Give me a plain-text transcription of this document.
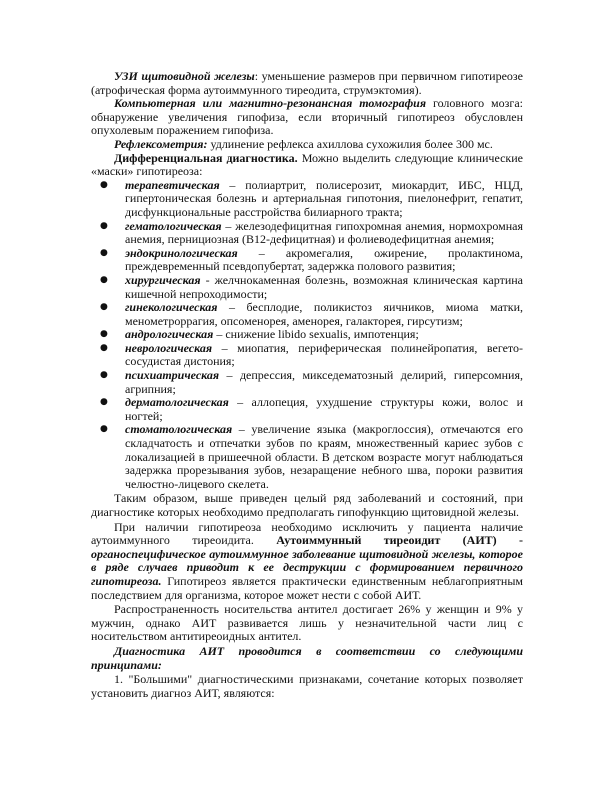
УЗИ щитовидной железы: уменьшение размеров при первичном гипотиреозе (атрофическая форма аутоиммунного тиреодита, струмэктомия).

Компьютерная или магнитно-резонансная томография головного мозга: обнаружение увеличения гипофиза, если вторичный гипотиреоз обусловлен опухолевым поражением гипофиза.

Рефлексометрия: удлинение рефлекса ахиллова сухожилия более 300 мс.

Дифференциальная диагностика. Можно выделить следующие клинические «маски» гипотиреоза:

● терапевтическая – полиартрит, полисерозит, миокардит, ИБС, НЦД, гипертоническая болезнь и артериальная гипотония, пиелонефрит, гепатит, дисфункциональные расстройства билиарного тракта;
● гематологическая – железодефицитная гипохромная анемия, нормохромная анемия, пернициозная (В12-дефицитная) и фолиеводефицитная анемия;
● эндокринологическая – акромегалия, ожирение, пролактинома, преждевременный псевдопубертат, задержка полового развития;
● хирургическая - желчнокаменная болезнь, возможная клиническая картина кишечной непроходимости;
● гинекологическая – бесплодие, поликистоз яичников, миома матки, менометроррагия, опсоменорея, аменорея, галакторея, гирсутизм;
● андрологическая – снижение libido sexualis, импотенция;
● неврологическая – миопатия, периферическая полинейропатия, вегето-сосудистая дистония;
● психиатрическая – депрессия, микседематозный делирий, гиперсомния, агрипния;
● дерматологическая – аллопеция, ухудшение структуры кожи, волос и ногтей;
● стоматологическая – увеличение языка (макроглоссия), отмечаются его складчатость и отпечатки зубов по краям, множественный кариес зубов с локализацией в пришеечной области. В детском возрасте могут наблюдаться задержка прорезывания зубов, незаращение небного шва, пороки развития челюстно-лицевого скелета.

Таким образом, выше приведен целый ряд заболеваний и состояний, при диагностике которых необходимо предполагать гипофункцию щитовидной железы.

При наличии гипотиреоза необходимо исключить у пациента наличие аутоиммунного тиреоидита. Аутоиммунный тиреоидит (АИТ) - органоспецифическое аутоиммунное заболевание щитовидной железы, которое в ряде случаев приводит к ее деструкции с формированием первичного гипотиреоза. Гипотиреоз является практически единственным неблагоприятным последствием для организма, которое может нести с собой АИТ.

Распространенность носительства антител достигает 26% у женщин и 9% у мужчин, однако АИТ развивается лишь у незначительной части лиц с носительством антитиреоидных антител.

Диагностика АИТ проводится в соответствии со следующими принципами:

1. "Большими" диагностическими признаками, сочетание которых позволяет установить диагноз АИТ, являются:
